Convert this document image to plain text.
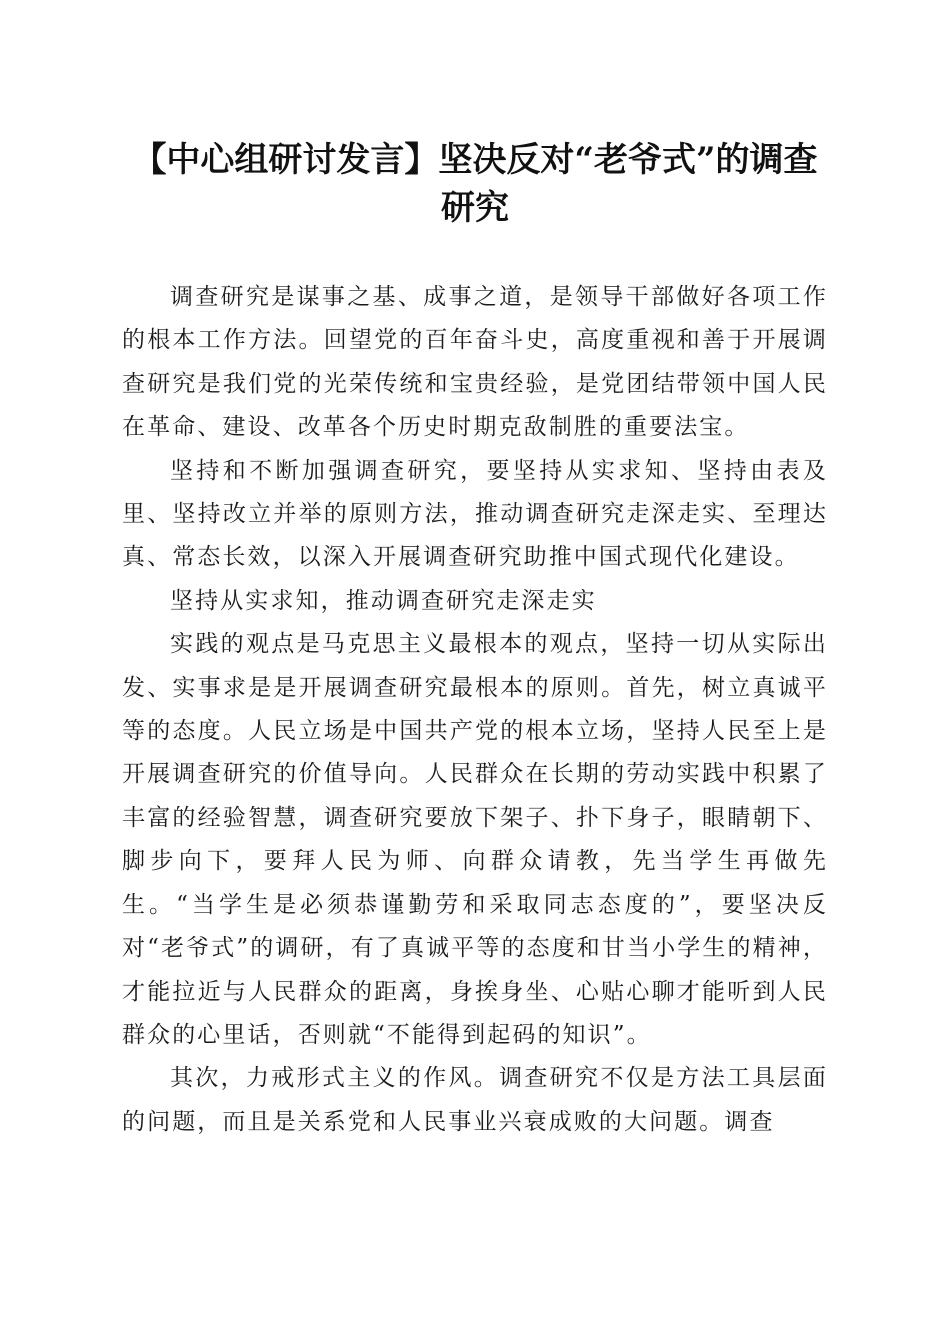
【中心组研讨发言】坚决反对“老爷式”的调查研究

调查研究是谋事之基、成事之道，是领导干部做好各项工作的根本工作方法。回望党的百年奋斗史，高度重视和善于开展调查研究是我们党的光荣传统和宝贵经验，是党团结带领中国人民在革命、建设、改革各个历史时期克敌制胜的重要法宝。

坚持和不断加强调查研究，要坚持从实求知、坚持由表及里、坚持改立并举的原则方法，推动调查研究走深走实、至理达真、常态长效，以深入开展调查研究助推中国式现代化建设。

坚持从实求知，推动调查研究走深走实

实践的观点是马克思主义最根本的观点，坚持一切从实际出发、实事求是是开展调查研究最根本的原则。首先，树立真诚平等的态度。人民立场是中国共产党的根本立场，坚持人民至上是开展调查研究的价值导向。人民群众在长期的劳动实践中积累了丰富的经验智慧，调查研究要放下架子、扑下身子，眼睛朝下、脚步向下，要拜人民为师、向群众请教，先当学生再做先生。“当学生是必须恭谨勤劳和采取同志态度的”，要坚决反对“老爷式”的调研，有了真诚平等的态度和甘当小学生的精神，才能拉近与人民群众的距离，身挨身坐、心贴心聊才能听到人民群众的心里话，否则就“不能得到起码的知识”。

其次，力戒形式主义的作风。调查研究不仅是方法工具层面的问题，而且是关系党和人民事业兴衰成败的大问题。调查
